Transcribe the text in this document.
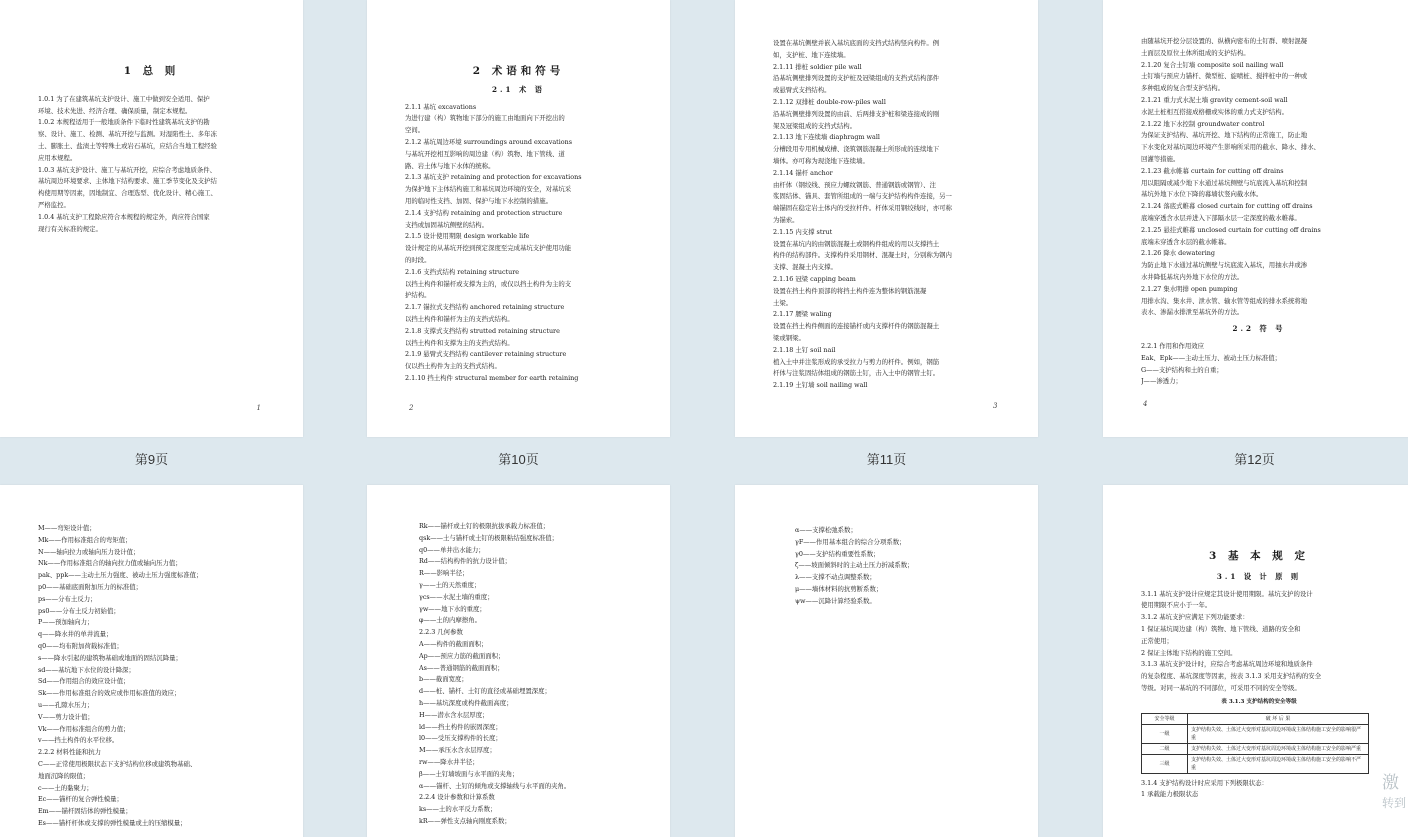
1 总 则
1.0.1 为了在建筑基坑支护设计、施工中做到安全适用、保护
环境、技术先进、经济合理、确保质量，制定本规程。
1.0.2 本规程适用于一般地质条件下临时性建筑基坑支护的勘
察、设计、施工、检测、基坑开挖与监测。对湿陷性土、多年冻
土、膨胀土、盐渍土等特殊土或岩石基坑，应结合当地工程经验
应用本规程。
1.0.3 基坑支护设计、施工与基坑开挖，应综合考虑地质条件、
基坑周边环境要求、主体地下结构要求、施工季节变化及支护结
构使用期等因素，因地制宜、合理选型、优化设计、精心施工、
严格监控。
1.0.4 基坑支护工程除应符合本规程的规定外，尚应符合国家
现行有关标准的规定。
1
第9页
2 术语和符号
2.1 术 语
2.1.1 基坑 excavations
为进行建（构）筑物地下部分的施工由地面向下开挖出的
空间。
2.1.2 基坑周边环境 surroundings around excavations
与基坑开挖相互影响的周边建（构）筑物、地下管线、道
路、岩土体与地下水体的统称。
2.1.3 基坑支护 retaining and protection for excavations
为保护地下主体结构施工和基坑周边环境的安全，对基坑采
用的临时性支挡、加固、保护与地下水控制的措施。
2.1.4 支护结构 retaining and protection structure
支挡或加固基坑侧壁的结构。
2.1.5 设计使用期限 design workable life
设计规定的从基坑开挖到预定深度至完成基坑支护使用功能
的时段。
2.1.6 支挡式结构 retaining structure
以挡土构件和锚杆或支撑为主的，或仅以挡土构件为主的支
护结构。
2.1.7 锚拉式支挡结构 anchored retaining structure
以挡土构件和锚杆为主的支挡式结构。
2.1.8 支撑式支挡结构 strutted retaining structure
以挡土构件和支撑为主的支挡式结构。
2.1.9 悬臂式支挡结构 cantilever retaining structure
仅以挡土构件为主的支挡式结构。
2.1.10 挡土构件 structural member for earth retaining
2
第10页
设置在基坑侧壁并嵌入基坑底面的支挡式结构竖向构件。例
如，支护桩、地下连续墙。
2.1.11 排桩 soldier pile wall
沿基坑侧壁排列设置的支护桩及冠梁组成的支挡式结构部件
或悬臂式支挡结构。
2.1.12 双排桩 double-row-piles wall
沿基坑侧壁排列设置的由前、后两排支护桩和梁连接成的刚
架及冠梁组成的支挡式结构。
2.1.13 地下连续墙 diaphragm wall
分槽段用专用机械成槽、浇筑钢筋混凝土所形成的连续地下
墙体。亦可称为现浇地下连续墙。
2.1.14 锚杆 anchor
由杆体（钢绞线、预应力螺纹钢筋、普通钢筋或钢管）、注
浆固结体、锚具、套管所组成的一端与支护结构构件连接，另一
端锚固在稳定岩土体内的受拉杆件。杆体采用钢绞线时，亦可称
为锚索。
2.1.15 内支撑 strut
设置在基坑内的由钢筋混凝土或钢构件组成的用以支撑挡土
构件的结构部件。支撑构件采用钢材、混凝土时，分别称为钢内
支撑、混凝土内支撑。
2.1.16 冠梁 capping beam
设置在挡土构件顶部的将挡土构件连为整体的钢筋混凝
土梁。
2.1.17 腰梁 waling
设置在挡土构件侧面的连接锚杆或内支撑杆件的钢筋混凝土
梁或钢梁。
2.1.18 土钉 soil nail
植入土中并注浆形成的承受拉力与剪力的杆件。例如，钢筋
杆体与注浆固结体组成的钢筋土钉，击入土中的钢管土钉。
2.1.19 土钉墙 soil nailing wall
3
第11页
由随基坑开挖分层设置的、纵横向密布的土钉群、喷射混凝
土面层及原位土体所组成的支护结构。
2.1.20 复合土钉墙 composite soil nailing wall
土钉墙与预应力锚杆、微型桩、旋喷桩、搅拌桩中的一种或
多种组成的复合型支护结构。
2.1.21 重力式水泥土墙 gravity cement-soil wall
水泥土桩相互搭接成格栅或实体的重力式支护结构。
2.1.22 地下水控制 groundwater control
为保证支护结构、基坑开挖、地下结构的正常施工，防止地
下水变化对基坑周边环境产生影响所采用的截水、降水、排水、
回灌等措施。
2.1.23 截水帷幕 curtain for cutting off drains
用以阻隔或减少地下水通过基坑侧壁与坑底流入基坑和控制
基坑外地下水位下降的幕墙状竖向截水体。
2.1.24 落底式帷幕 closed curtain for cutting off drains
底端穿透含水层并进入下部隔水层一定深度的截水帷幕。
2.1.25 悬挂式帷幕 unclosed curtain for cutting off drains
底端未穿透含水层的截水帷幕。
2.1.26 降水 dewatering
为防止地下水通过基坑侧壁与坑底流入基坑，用抽水井或渗
水井降低基坑内外地下水位的方法。
2.1.27 集水明排 open pumping
用排水沟、集水井、泄水管、输水管等组成的排水系统将地
表水、渗漏水排泄至基坑外的方法。
2.2 符 号
2.2.1 作用和作用效应
Eak、Epk——主动土压力、被动土压力标准值；
G——支护结构和土的自重；
J——渗透力；
4
第12页
M——弯矩设计值；
Mk——作用标准组合的弯矩值；
N——轴向拉力或轴向压力设计值；
Nk——作用标准组合的轴向拉力值或轴向压力值；
pak、ppk——主动土压力强度、被动土压力强度标准值；
p0——基础底面附加压力的标准值；
ps——分布土反力；
ps0——分布土反力初始值；
P——预加轴向力；
q——降水井的单井流量；
q0——均布附加荷载标准值；
s——降水引起的建筑物基础或地面的固结沉降量；
sd——基坑地下水位的设计降深；
Sd——作用组合的效应设计值；
Sk——作用标准组合的效应或作用标准值的效应；
u——孔隙水压力；
V——剪力设计值；
Vk——作用标准组合的剪力值；
v——挡土构件的水平位移。
2.2.2 材料性能和抗力
C——正常使用极限状态下支护结构位移或建筑物基础、
地面沉降的限值；
c——土的黏聚力；
Ec——锚杆的复合弹性模量；
Em——锚杆固结体的弹性模量；
Es——锚杆杆体或支撑的弹性模量或土的压缩模量；
Rk——锚杆或土钉的极限抗拔承载力标准值；
qsk——土与锚杆或土钉的极限粘结强度标准值；
q0——单井出水能力；
Rd——结构构件的抗力设计值；
R——影响半径；
γ——土的天然重度；
γcs——水泥土墙的重度；
γw——地下水的重度；
φ——土的内摩擦角。
2.2.3 几何参数
A——构件的截面面积；
Ap——预应力筋的截面面积；
As——普通钢筋的截面面积；
b——截面宽度；
d——桩、锚杆、土钉的直径或基础埋置深度；
h——基坑深度或构件截面高度；
H——潜水含水层厚度；
ld——挡土构件的嵌固深度；
l0——受压支撑构件的长度；
M——承压水含水层厚度；
rw——降水井半径；
β——土钉墙坡面与水平面的夹角；
α——锚杆、土钉的倾角或支撑轴线与水平面的夹角。
2.2.4 设计参数和计算系数
ks——土的水平反力系数；
kR——弹性支点轴向刚度系数；
α——支撑松弛系数；
γF——作用基本组合的综合分项系数；
γ0——支护结构重要性系数；
ζ——坡面倾斜时的主动土压力折减系数；
λ——支撑不动点调整系数；
μ——墙体材料的抗剪断系数；
ψw——沉降计算经验系数。
3 基 本 规 定
3.1 设 计 原 则
3.1.1 基坑支护设计应规定其设计使用期限。基坑支护的设计
使用期限不应小于一年。
3.1.2 基坑支护应满足下列功能要求：
1 保证基坑周边建（构）筑物、地下管线、道路的安全和
正常使用；
2 保证主体地下结构的施工空间。
3.1.3 基坑支护设计时，应综合考虑基坑周边环境和地质条件
的复杂程度、基坑深度等因素，按表 3.1.3 采用支护结构的安全
等级。对同一基坑的不同部位，可采用不同的安全等级。
表 3.1.3 支护结构的安全等级
安全等级	破 坏 后 果
一级	支护结构失效、土体过大变形对基坑周边环境或主体结构施工安全的影响很严重
二级	支护结构失效、土体过大变形对基坑周边环境或主体结构施工安全的影响严重
三级	支护结构失效、土体过大变形对基坑周边环境或主体结构施工安全的影响不严重
3.1.4 支护结构设计时应采用下列极限状态：
1 承载能力极限状态
激
转到
